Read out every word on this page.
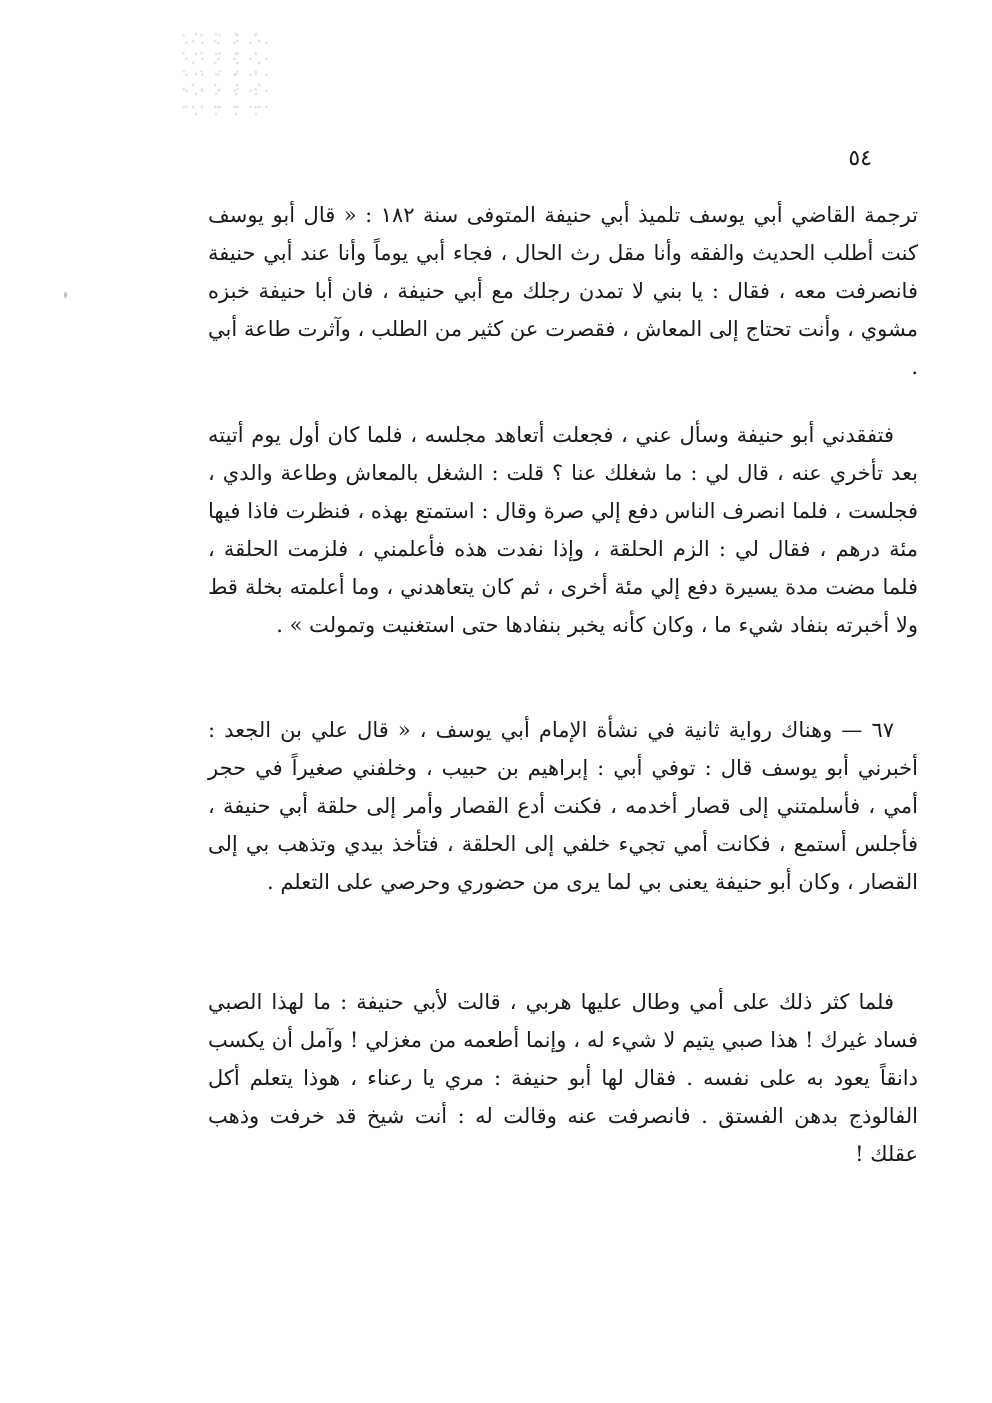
٥٤

ترجمة القاضي أبي يوسف تلميذ أبي حنيفة المتوفى سنة ١٨٢ : « قال أبو يوسف كنت أطلب الحديث والفقه وأنا مقل رث الحال ، فجاء أبي يوماً وأنا عند أبي حنيفة فانصرفت معه ، فقال : يا بني لا تمدن رجلك مع أبي حنيفة ، فان أبا حنيفة خبزه مشوي ، وأنت تحتاج إلى المعاش ، فقصرت عن كثير من الطلب ، وآثرت طاعة أبي .

فتفقدني أبو حنيفة وسأل عني ، فجعلت أتعاهد مجلسه ، فلما كان أول يوم أتيته بعد تأخري عنه ، قال لي : ما شغلك عنا ؟ قلت : الشغل بالمعاش وطاعة والدي ، فجلست ، فلما انصرف الناس دفع إلي صرة وقال : استمتع بهذه ، فنظرت فاذا فيها مئة درهم ، فقال لي : الزم الحلقة ، وإذا نفدت هذه فأعلمني ، فلزمت الحلقة ، فلما مضت مدة يسيرة دفع إلي مئة أخرى ، ثم كان يتعاهدني ، وما أعلمته بخلة قط ولا أخبرته بنفاد شيء ما ، وكان كأنه يخبر بنفادها حتى استغنيت وتمولت » .

٦٧ — وهناك رواية ثانية في نشأة الإمام أبي يوسف ، « قال علي بن الجعد : أخبرني أبو يوسف قال : توفي أبي : إبراهيم بن حبيب ، وخلفني صغيراً في حجر أمي ، فأسلمتني إلى قصار أخدمه ، فكنت أدع القصار وأمر إلى حلقة أبي حنيفة ، فأجلس أستمع ، فكانت أمي تجيء خلفي إلى الحلقة ، فتأخذ بيدي وتذهب بي إلى القصار ، وكان أبو حنيفة يعنى بي لما يرى من حضوري وحرصي على التعلم .

فلما كثر ذلك على أمي وطال عليها هربي ، قالت لأبي حنيفة : ما لهذا الصبي فساد غيرك ! هذا صبي يتيم لا شيء له ، وإنما أطعمه من مغزلي ! وآمل أن يكسب دانقاً يعود به على نفسه . فقال لها أبو حنيفة : مري يا رعناء ، هوذا يتعلم أكل الفالوذج بدهن الفستق . فانصرفت عنه وقالت له : أنت شيخ قد خرفت وذهب عقلك !
